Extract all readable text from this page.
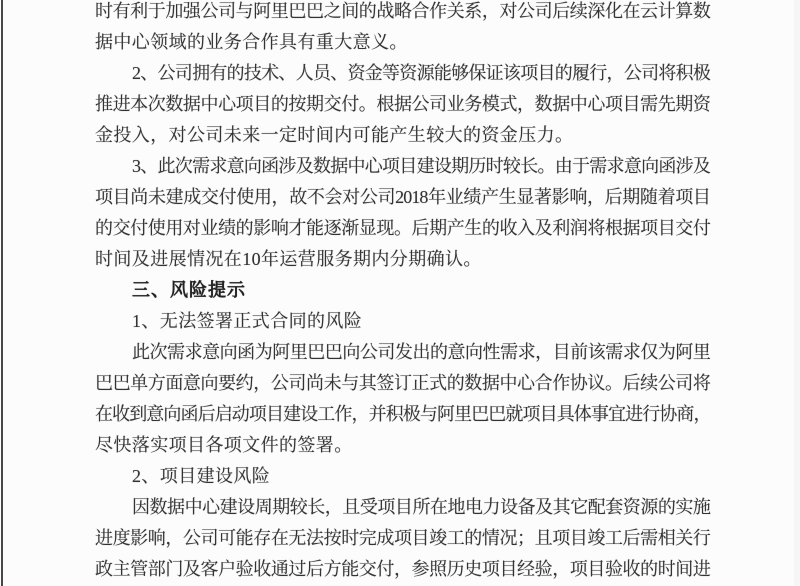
时有利于加强公司与阿里巴巴之间的战略合作关系，对公司后续深化在云计算数
据中心领域的业务合作具有重大意义。
2、公司拥有的技术、人员、资金等资源能够保证该项目的履行，公司将积极
推进本次数据中心项目的按期交付。根据公司业务模式，数据中心项目需先期资
金投入，对公司未来一定时间内可能产生较大的资金压力。
3、此次需求意向函涉及数据中心项目建设期历时较长。由于需求意向函涉及
项目尚未建成交付使用，故不会对公司2018年业绩产生显著影响，后期随着项目
的交付使用对业绩的影响才能逐渐显现。后期产生的收入及利润将根据项目交付
时间及进展情况在10年运营服务期内分期确认。
三、风险提示
1、无法签署正式合同的风险
此次需求意向函为阿里巴巴向公司发出的意向性需求，目前该需求仅为阿里
巴巴单方面意向要约，公司尚未与其签订正式的数据中心合作协议。后续公司将
在收到意向函后启动项目建设工作，并积极与阿里巴巴就项目具体事宜进行协商，
尽快落实项目各项文件的签署。
2、项目建设风险
因数据中心建设周期较长，且受项目所在地电力设备及其它配套资源的实施
进度影响，公司可能存在无法按时完成项目竣工的情况；且项目竣工后需相关行
政主管部门及客户验收通过后方能交付，参照历史项目经验，项目验收的时间进
